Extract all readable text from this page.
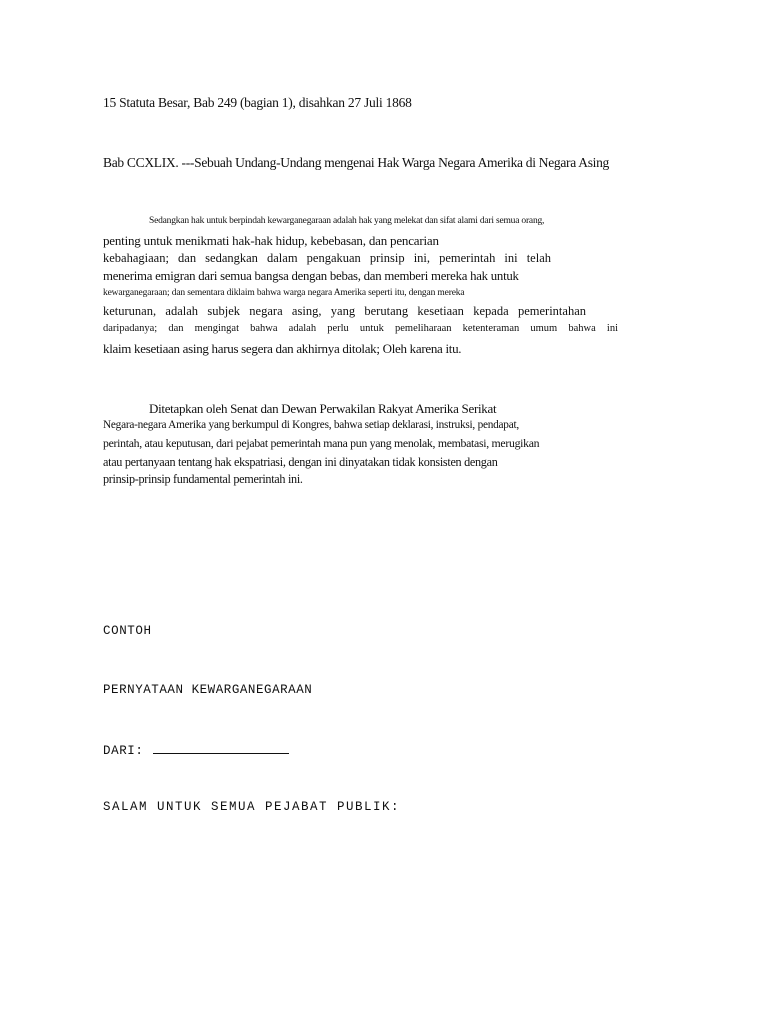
15 Statuta Besar, Bab 249 (bagian 1), disahkan 27 Juli 1868
Bab CCXLIX. ---Sebuah Undang-Undang mengenai Hak Warga Negara Amerika di Negara Asing
Sedangkan hak untuk berpindah kewarganegaraan adalah hak yang melekat dan sifat alami dari semua orang,
penting untuk menikmati hak-hak hidup, kebebasan, dan pencarian
kebahagiaan; dan sedangkan dalam pengakuan prinsip ini, pemerintah ini telah
menerima emigran dari semua bangsa dengan bebas, dan memberi mereka hak untuk
kewarganegaraan; dan sementara diklaim bahwa warga negara Amerika seperti itu, dengan mereka
keturunan, adalah subjek negara asing, yang berutang kesetiaan kepada pemerintahan
daripadanya; dan mengingat bahwa adalah perlu untuk pemeliharaan ketenteraman umum bahwa ini
klaim kesetiaan asing harus segera dan akhirnya ditolak; Oleh karena itu.
Ditetapkan oleh Senat dan Dewan Perwakilan Rakyat Amerika Serikat
Negara-negara Amerika yang berkumpul di Kongres, bahwa setiap deklarasi, instruksi, pendapat,
perintah, atau keputusan, dari pejabat pemerintah mana pun yang menolak, membatasi, merugikan
atau pertanyaan tentang hak ekspatriasi, dengan ini dinyatakan tidak konsisten dengan
prinsip-prinsip fundamental pemerintah ini.
CONTOH
PERNYATAAN KEWARGANEGARAAN
DARI:
SALAM UNTUK SEMUA PEJABAT PUBLIK:
